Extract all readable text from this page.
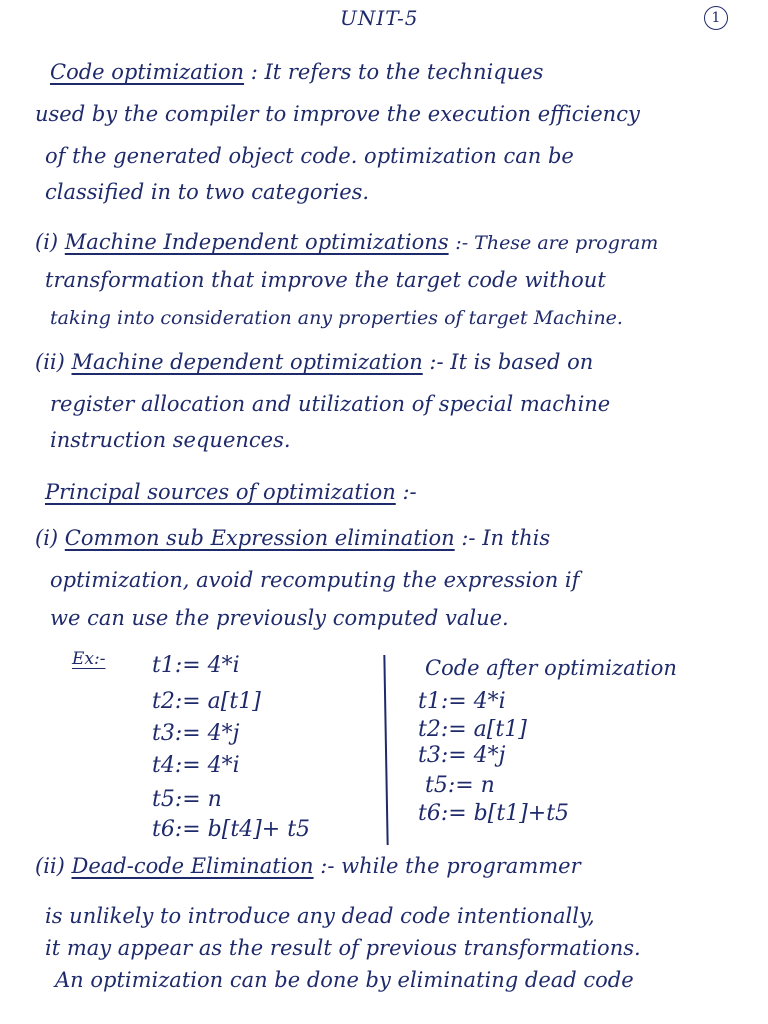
UNIT-5	1
Code optimization : It refers to the techniques
used by the compiler to improve the execution efficiency
of the generated object code. optimization can be
classified in to two categories.
(i) Machine Independent optimizations :- These are program
transformation that improve the target code without
taking into consideration any properties of target Machine.
(ii) Machine dependent optimization :- It is based on
register allocation and utilization of special machine
instruction sequences.
Principal sources of optimization :-
(i) Common sub Expression elimination :- In this
optimization, avoid recomputing the expression if
we can use the previously computed value.
Ex:- t1:= 4*i
t2:= a[t1]
t3:= 4*j
t4:= 4*i
t5:= n
t6:= b[t4]+ t5
Code after optimization
t1:= 4*i
t2:= a[t1]
t3:= 4*j
t5:= n
t6:= b[t1]+t5
(ii) Dead-code Elimination :- while the programmer
is unlikely to introduce any dead code intentionally,
it may appear as the result of previous transformations.
An optimization can be done by eliminating dead code
